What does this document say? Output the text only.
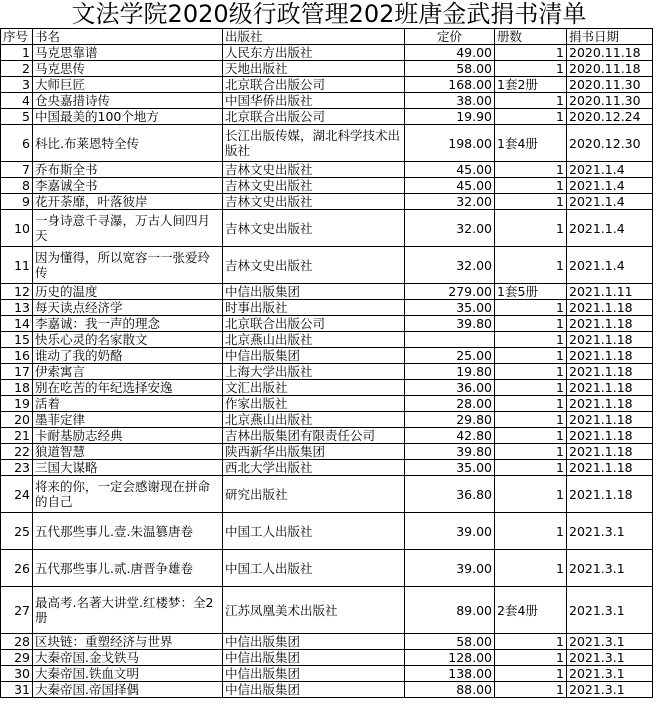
文法学院2020级行政管理202班唐金武捐书清单
序号	书名	出版社	定价	册数	捐书日期
1	马克思靠谱	人民东方出版社	49.00	1	2020.11.18
2	马克思传	天地出版社	58.00	1	2020.11.18
3	大师巨匠	北京联合出版公司	168.00	1套2册	2020.11.30
4	仓央嘉措诗传	中国华侨出版社	38.00	1	2020.11.30
5	中国最美的100个地方	北京联合出版公司	19.90	1	2020.12.24
6	科比.布莱恩特全传	长江出版传媒，湖北科学技术出版社	198.00	1套4册	2020.12.30
7	乔布斯全书	吉林文史出版社	45.00	1	2021.1.4
8	李嘉诚全书	吉林文史出版社	45.00	1	2021.1.4
9	花开荼靡，叶落彼岸	吉林文史出版社	32.00	1	2021.1.4
10	一身诗意千寻瀑，万古人间四月天	吉林文史出版社	32.00	1	2021.1.4
11	因为懂得，所以宽容一一张爱玲传	吉林文史出版社	32.00	1	2021.1.4
12	历史的温度	中信出版集团	279.00	1套5册	2021.1.11
13	每天读点经济学	时事出版社	35.00	1	2021.1.18
14	李嘉诚：我一声的理念	北京联合出版公司	39.80	1	2021.1.18
15	快乐心灵的名家散文	北京燕山出版社		1	2021.1.18
16	谁动了我的奶酪	中信出版集团	25.00	1	2021.1.18
17	伊索寓言	上海大学出版社	19.80	1	2021.1.18
18	别在吃苦的年纪选择安逸	文汇出版社	36.00	1	2021.1.18
19	活着	作家出版社	28.00	1	2021.1.18
20	墨菲定律	北京燕山出版社	29.80	1	2021.1.18
21	卡耐基励志经典	吉林出版集团有限责任公司	42.80	1	2021.1.18
22	狼道智慧	陕西新华出版集团	39.80	1	2021.1.18
23	三国大谋略	西北大学出版社	35.00	1	2021.1.18
24	将来的你，一定会感谢现在拼命的自己	研究出版社	36.80	1	2021.1.18
25	五代那些事儿.壹.朱温篡唐卷	中国工人出版社	39.00	1	2021.3.1
26	五代那些事儿.贰.唐晋争雄卷	中国工人出版社	39.00	1	2021.3.1
27	最高考.名著大讲堂.红楼梦：全2册	江苏凤凰美术出版社	89.00	2套4册	2021.3.1
28	区块链：重塑经济与世界	中信出版集团	58.00	1	2021.3.1
29	大秦帝国.金戈铁马	中信出版集团	128.00	1	2021.3.1
30	大秦帝国.铁血文明	中信出版集团	138.00	1	2021.3.1
31	大秦帝国.帝国择偶	中信出版集团	88.00	1	2021.3.1
